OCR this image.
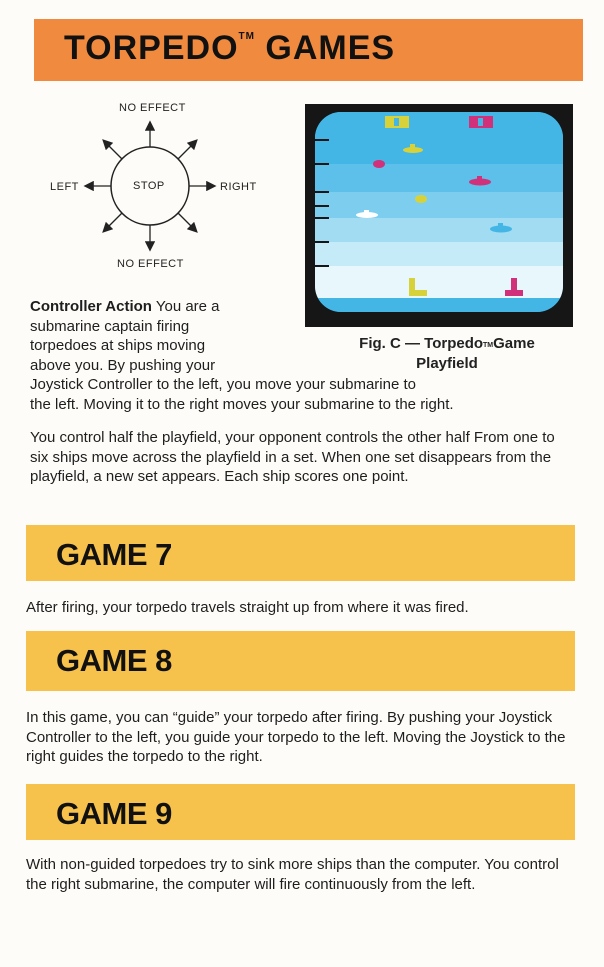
TORPEDO™ GAMES
NO EFFECT
NO EFFECT
LEFT	RIGHT
STOP
Fig. C — Torpedo™Game
Playfield
Controller Action You are a
submarine captain firing
torpedoes at ships moving
above you. By pushing your
Joystick Controller to the left, you move your submarine to
the left. Moving it to the right moves your submarine to the right.
You control half the playfield, your opponent controls the other half From one to six ships move across the playfield in a set. When one set disappears from the playfield, a new set appears. Each ship scores one point.
GAME 7
After firing, your torpedo travels straight up from where it was fired.
GAME 8
In this game, you can “guide” your torpedo after firing. By pushing your Joystick Controller to the left, you guide your torpedo to the left. Moving the Joystick to the right guides the torpedo to the right.
GAME 9
With non-guided torpedoes try to sink more ships than the computer. You control the right submarine, the computer will fire continuously from the left.
